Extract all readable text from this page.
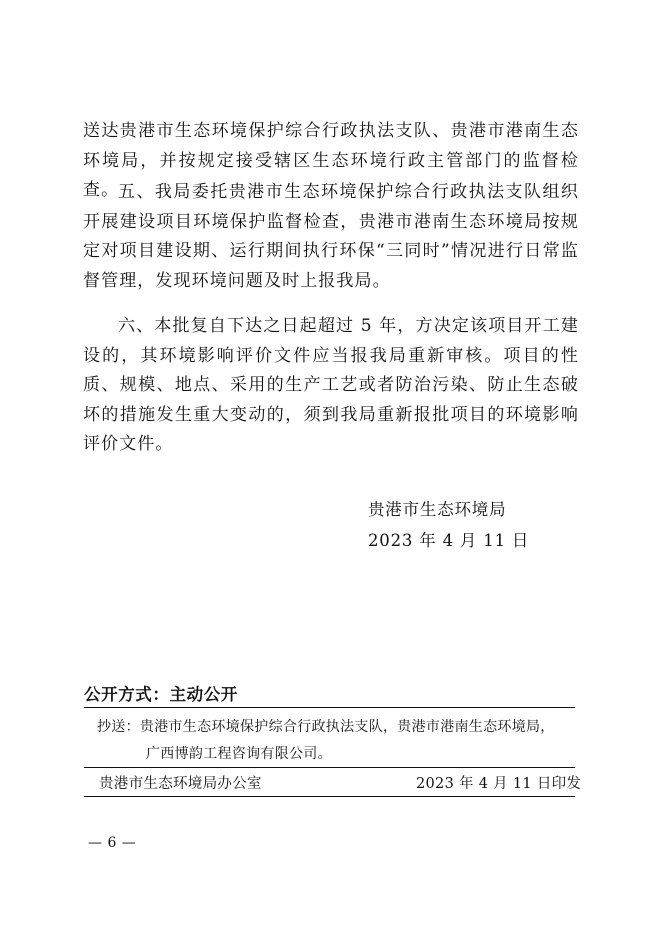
送达贵港市生态环境保护综合行政执法支队、贵港市港南生态环境局，并按规定接受辖区生态环境行政主管部门的监督检查。

五、我局委托贵港市生态环境保护综合行政执法支队组织开展建设项目环境保护监督检查，贵港市港南生态环境局按规定对项目建设期、运行期间执行环保“三同时”情况进行日常监督管理，发现环境问题及时上报我局。

六、本批复自下达之日起超过 5 年，方决定该项目开工建设的，其环境影响评价文件应当报我局重新审核。项目的性质、规模、地点、采用的生产工艺或者防治污染、防止生态破坏的措施发生重大变动的，须到我局重新报批项目的环境影响评价文件。

贵港市生态环境局
2023 年 4 月 11 日
公开方式：主动公开
抄送：贵港市生态环境保护综合行政执法支队，贵港市港南生态环境局，
广西博韵工程咨询有限公司。
贵港市生态环境局办公室	2023 年 4 月 11 日印发
— 6 —
